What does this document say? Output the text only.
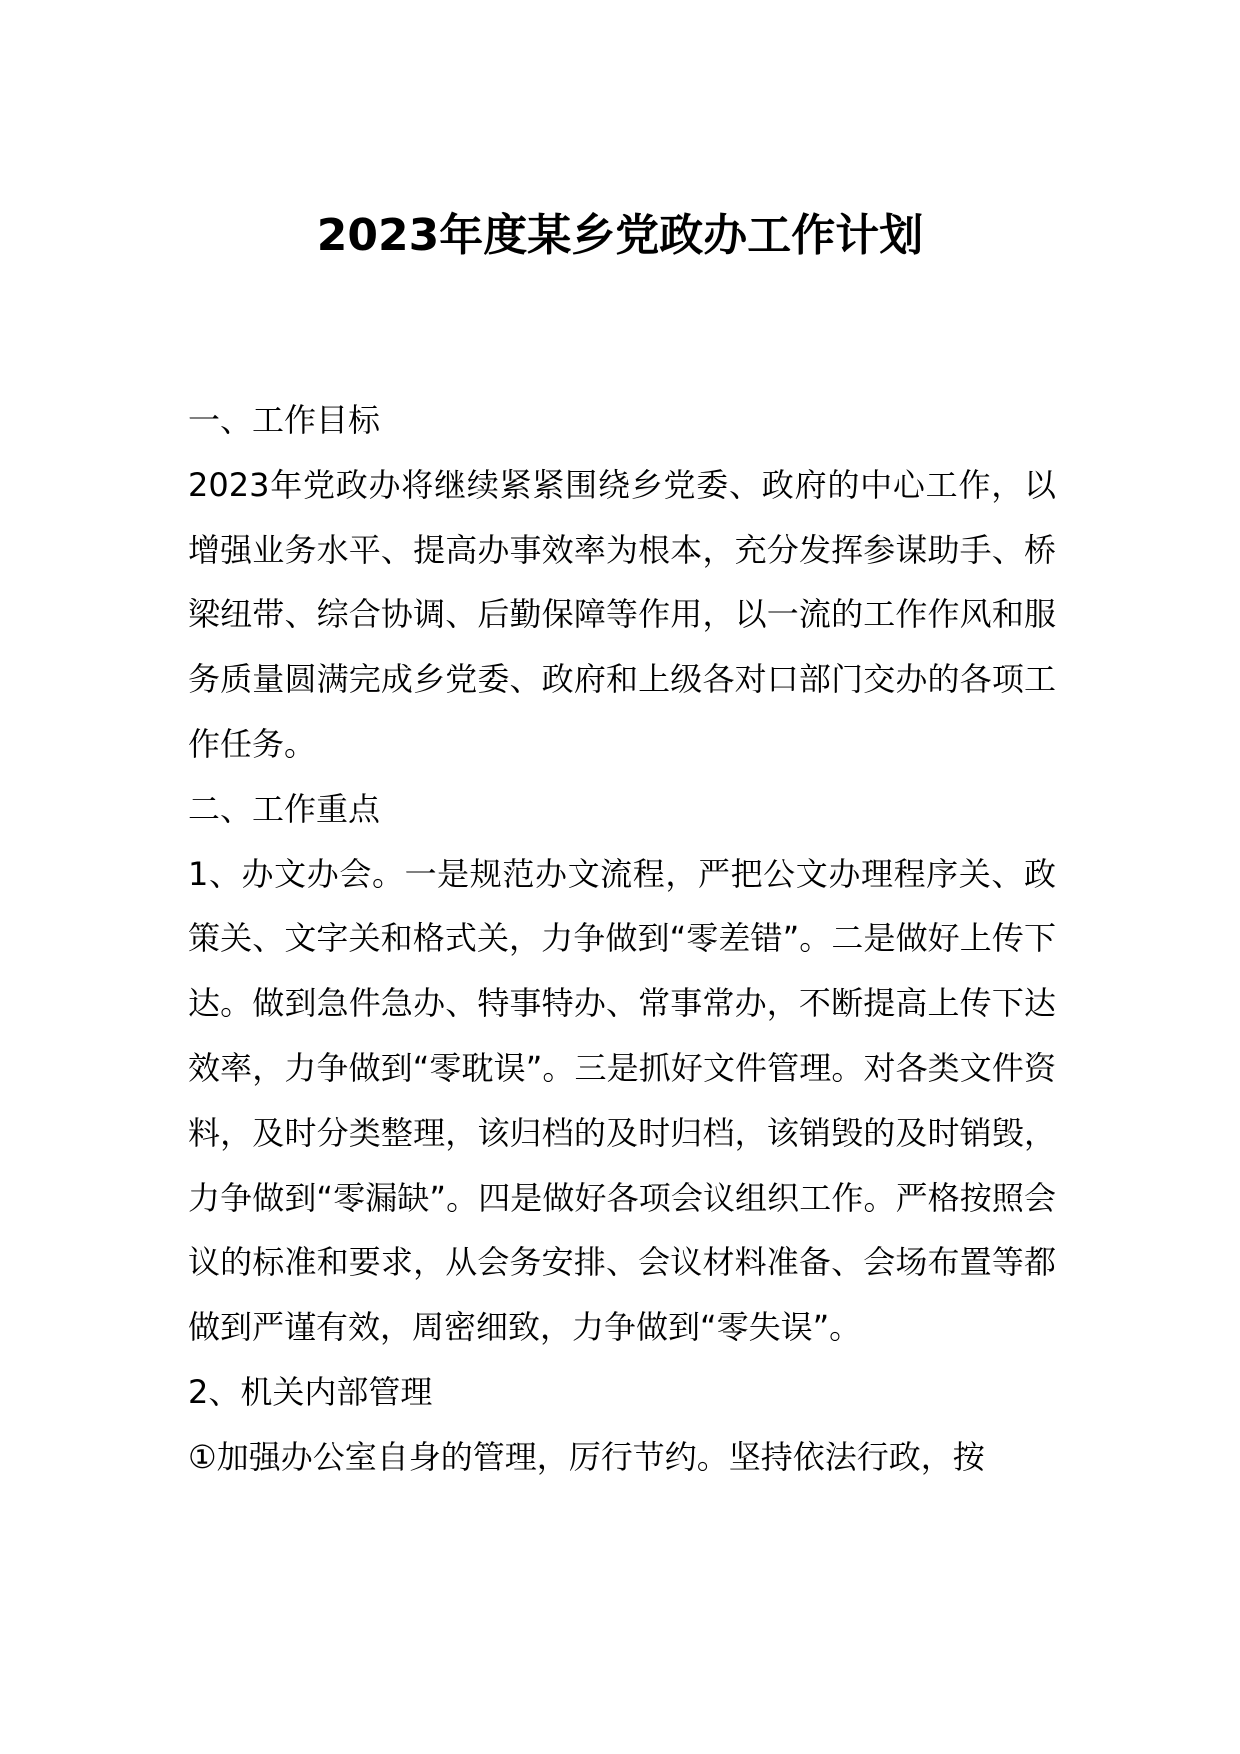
2023年度某乡党政办工作计划

一、工作目标

2023年党政办将继续紧紧围绕乡党委、政府的中心工作，以增强业务水平、提高办事效率为根本，充分发挥参谋助手、桥梁纽带、综合协调、后勤保障等作用，以一流的工作作风和服务质量圆满完成乡党委、政府和上级各对口部门交办的各项工作任务。

二、工作重点

1、办文办会。一是规范办文流程，严把公文办理程序关、政策关、文字关和格式关，力争做到“零差错”。二是做好上传下达。做到急件急办、特事特办、常事常办，不断提高上传下达效率，力争做到“零耽误”。三是抓好文件管理。对各类文件资料，及时分类整理，该归档的及时归档，该销毁的及时销毁，力争做到“零漏缺”。四是做好各项会议组织工作。严格按照会议的标准和要求，从会务安排、会议材料准备、会场布置等都做到严谨有效，周密细致，力争做到“零失误”。

2、机关内部管理

①加强办公室自身的管理，厉行节约。坚持依法行政，按
